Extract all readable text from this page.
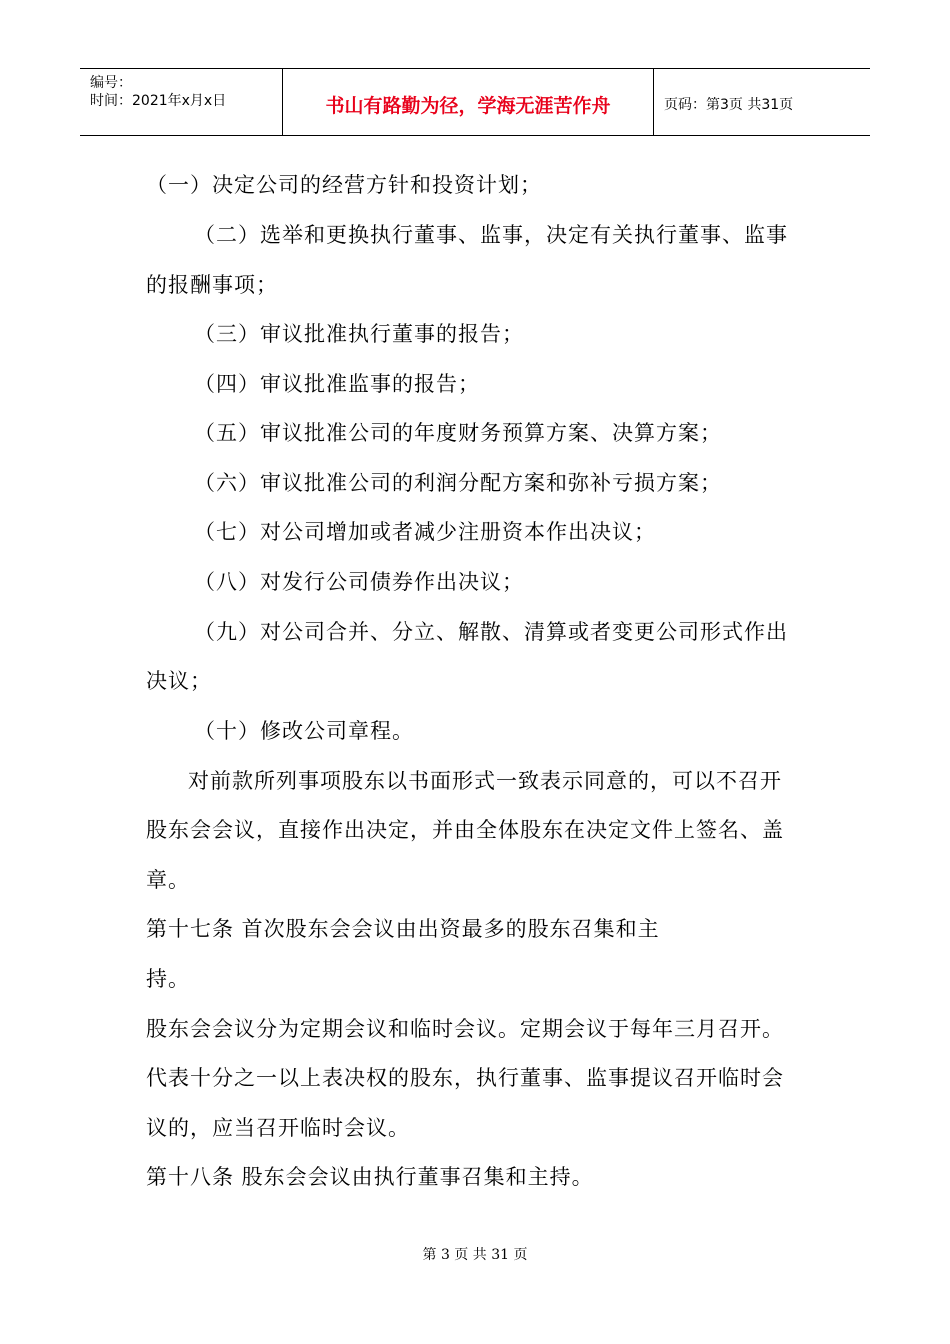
编号：
时间：2021年x月x日	书山有路勤为径，学海无涯苦作舟	页码：第3页 共31页
（一）决定公司的经营方针和投资计划；
（二）选举和更换执行董事、监事，决定有关执行董事、监事
的报酬事项；
（三）审议批准执行董事的报告；
（四）审议批准监事的报告；
（五）审议批准公司的年度财务预算方案、决算方案；
（六）审议批准公司的利润分配方案和弥补亏损方案；
（七）对公司增加或者减少注册资本作出决议；
（八）对发行公司债券作出决议；
（九）对公司合并、分立、解散、清算或者变更公司形式作出
决议；
（十）修改公司章程。
对前款所列事项股东以书面形式一致表示同意的，可以不召开
股东会会议，直接作出决定，并由全体股东在决定文件上签名、盖
章。
第十七条 首次股东会会议由出资最多的股东召集和主
持。
股东会会议分为定期会议和临时会议。定期会议于每年三月召开。
代表十分之一以上表决权的股东，执行董事、监事提议召开临时会
议的，应当召开临时会议。
第十八条 股东会会议由执行董事召集和主持。
第 3 页 共 31 页
